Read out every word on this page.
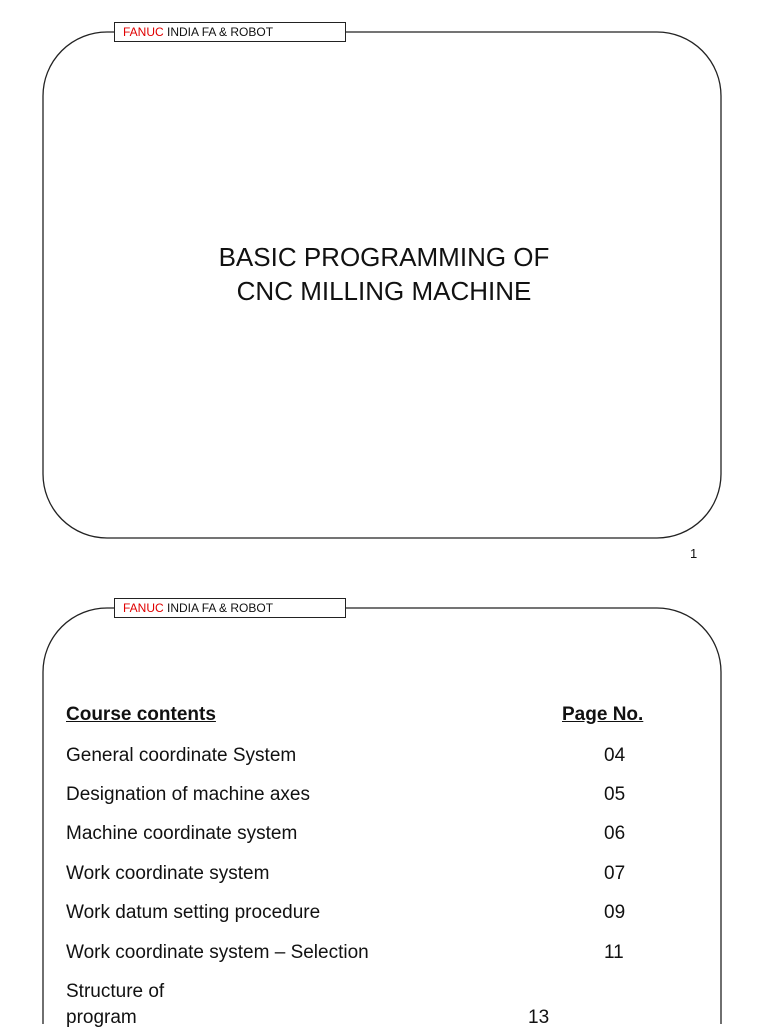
FANUC INDIA FA & ROBOT
BASIC PROGRAMMING OF
CNC MILLING MACHINE
1
FANUC INDIA FA & ROBOT
Course contents	Page No.
General coordinate System	04
Designation of machine axes	05
Machine coordinate system	06
Work coordinate system	07
Work datum setting procedure	09
Work coordinate system – Selection	11
Structure of
program	13
